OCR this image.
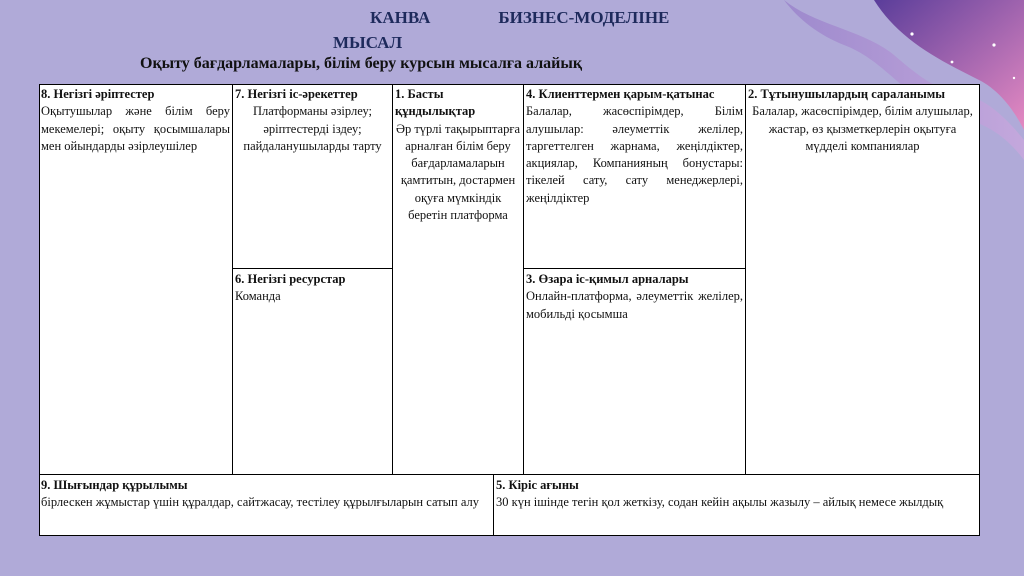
КАНВА	БИЗНЕС-МОДЕЛІНЕ
МЫСАЛ
Оқыту бағдарламалары, білім беру курсын мысалға алайық
8. Негізгі әріптестер
Оқытушылар және білім беру мекемелері; оқыту қосымшалары мен ойындарды әзірлеушілер
7. Негізгі іс-әрекеттер
Платформаны әзірлеу; әріптестерді іздеу; пайдаланушыларды тарту
6. Негізгі ресурстар
Команда
1. Басты құндылықтар
Әр түрлі тақырыптарға арналған білім беру бағдарламаларын қамтитын, достармен оқуға мүмкіндік беретін платформа
4. Клиенттермен қарым-қатынас
Балалар, жасөспірімдер, Білім алушылар: әлеуметтік желілер, таргеттелген жарнама, жеңілдіктер, акциялар, Компанияның бонустары: тікелей сату, сату менеджерлері, жеңілдіктер
3. Өзара іс-қимыл арналары
Онлайн-платформа, әлеуметтік желілер, мобильді қосымша
2. Тұтынушылардың сараланымы
Балалар, жасөспірімдер, білім алушылар, жастар, өз қызметкерлерін оқытуға мүдделі компаниялар
9. Шығындар құрылымы
бірлескен жұмыстар үшін құралдар, сайтжасау, тестілеу құрылғыларын сатып алу
5. Кіріс ағыны
30 күн ішінде тегін қол жеткізу, содан кейін ақылы жазылу – айлық немесе жылдық
